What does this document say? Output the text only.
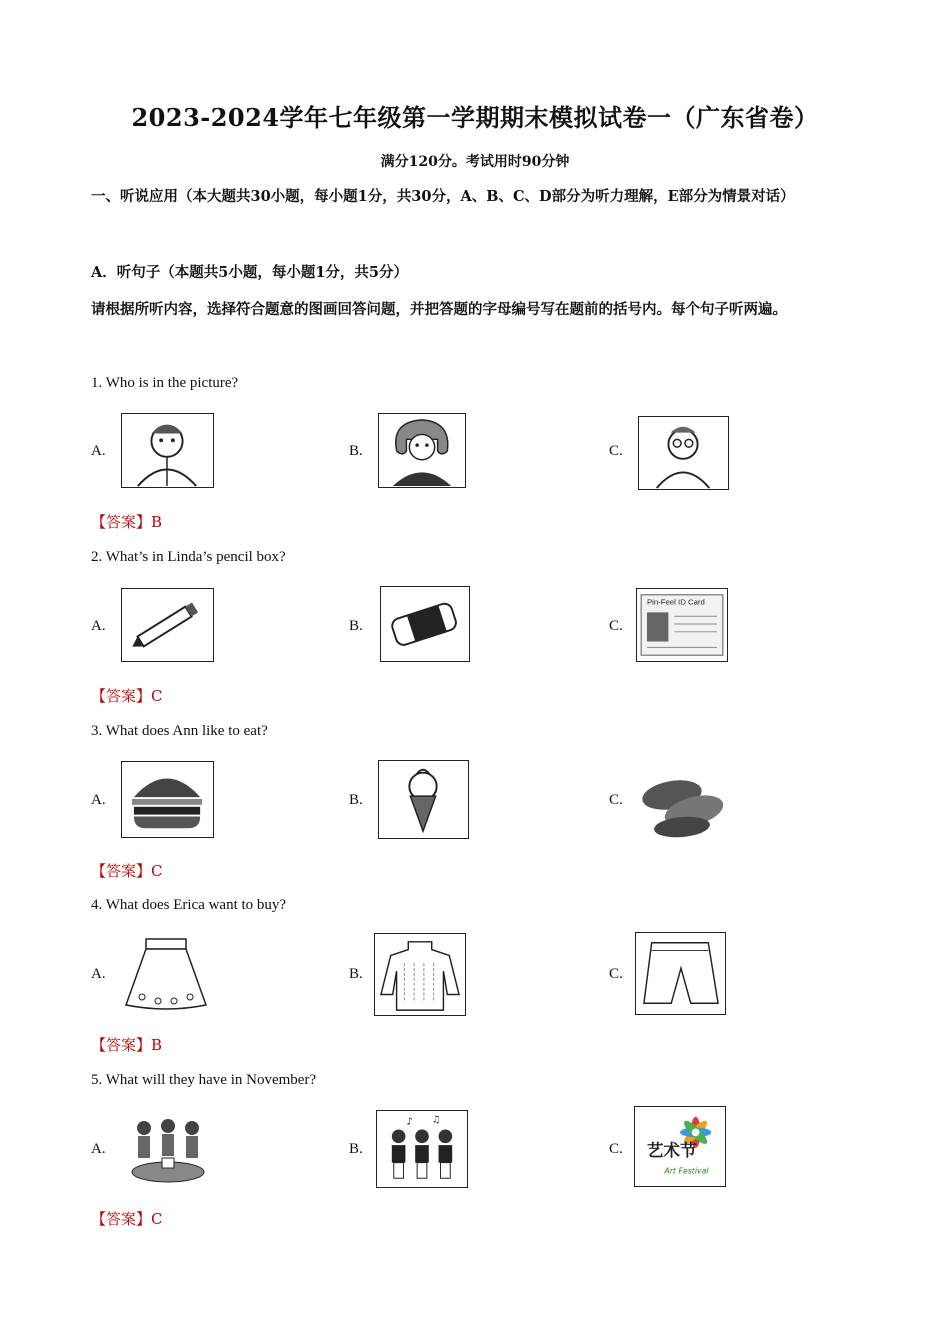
2023-2024学年七年级第一学期期末模拟试卷一（广东省卷）
满分120分。考试用时90分钟
一、听说应用（本大题共30小题，每小题1分，共30分，A、B、C、D部分为听力理解，E部分为情景对话）
A．听句子（本题共5小题，每小题1分，共5分）
请根据所听内容，选择符合题意的图画回答问题，并把答题的字母编号写在题前的括号内。每个句子听两遍。
1. Who is in the picture?
A.	B.	C.
【答案】B
2. What’s in Linda’s pencil box?
A.	B.	C.
Pin-Feel ID Card
【答案】C
3. What does Ann like to eat?
A.	B.	C.
【答案】C
4. What does Erica want to buy?
A.	B.	C.
【答案】B
5. What will they have in November?
A.	B.
♪ ♫
C. 艺术节
Art Festival
【答案】C
